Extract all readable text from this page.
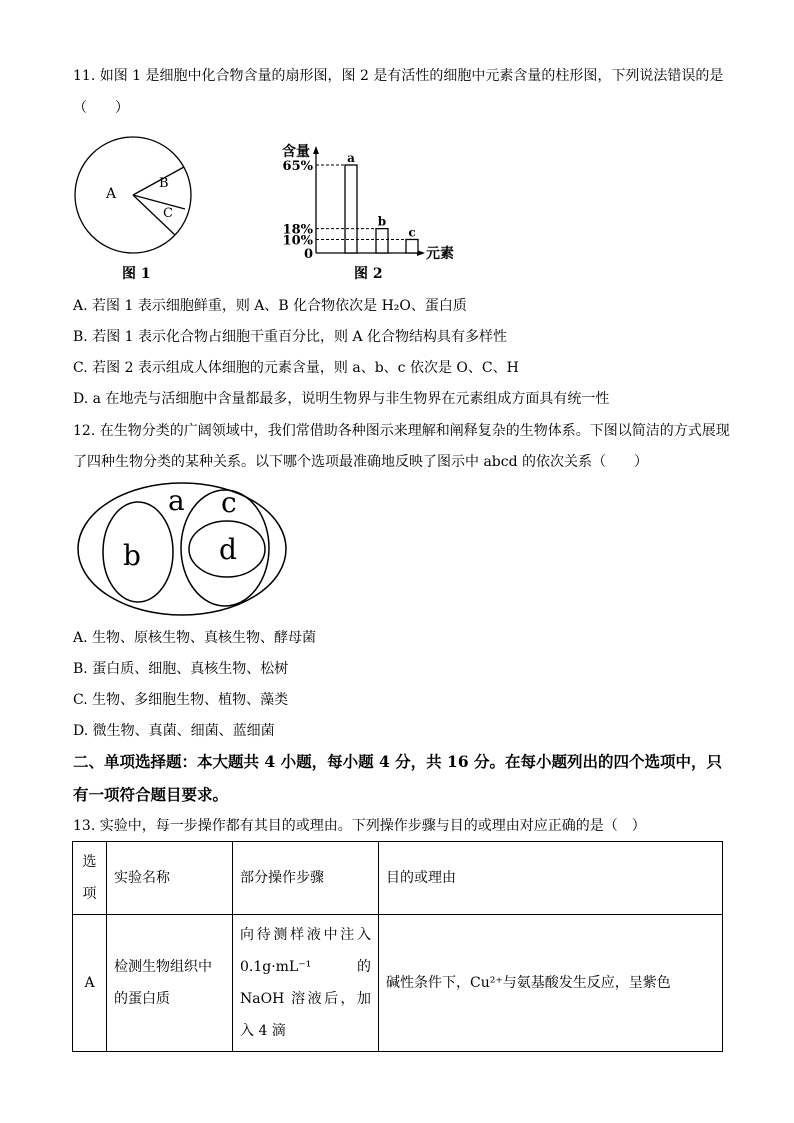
11. 如图 1 是细胞中化合物含量的扇形图，图 2 是有活性的细胞中元素含量的柱形图，下列说法错误的是
（　　）
A
B
C
图 1
含量
元素
a
b
c
65%
18%
10%
0
图 2
A. 若图 1 表示细胞鲜重，则 A、B 化合物依次是 H₂O、蛋白质
B. 若图 1 表示化合物占细胞干重百分比，则 A 化合物结构具有多样性
C. 若图 2 表示组成人体细胞的元素含量，则 a、b、c 依次是 O、C、H
D. a 在地壳与活细胞中含量都最多，说明生物界与非生物界在元素组成方面具有统一性
12. 在生物分类的广阔领域中，我们常借助各种图示来理解和阐释复杂的生物体系。下图以简洁的方式展现
了四种生物分类的某种关系。以下哪个选项最准确地反映了图示中 abcd 的依次关系（　　）
a
b
c
d
A. 生物、原核生物、真核生物、酵母菌
B. 蛋白质、细胞、真核生物、松树
C. 生物、多细胞生物、植物、藻类
D. 微生物、真菌、细菌、蓝细菌
二、单项选择题：本大题共 4 小题，每小题 4 分，共 16 分。在每小题列出的四个选项中，只
有一项符合题目要求。
13. 实验中，每一步操作都有其目的或理由。下列操作步骤与目的或理由对应正确的是（　）
选项	实验名称	部分操作步骤	目的或理由
A	检测生物组织中的蛋白质	向待测样液中注入 0.1g·mL⁻¹的 NaOH 溶液后，加入 4 滴	碱性条件下，Cu²⁺与氨基酸发生反应，呈紫色
